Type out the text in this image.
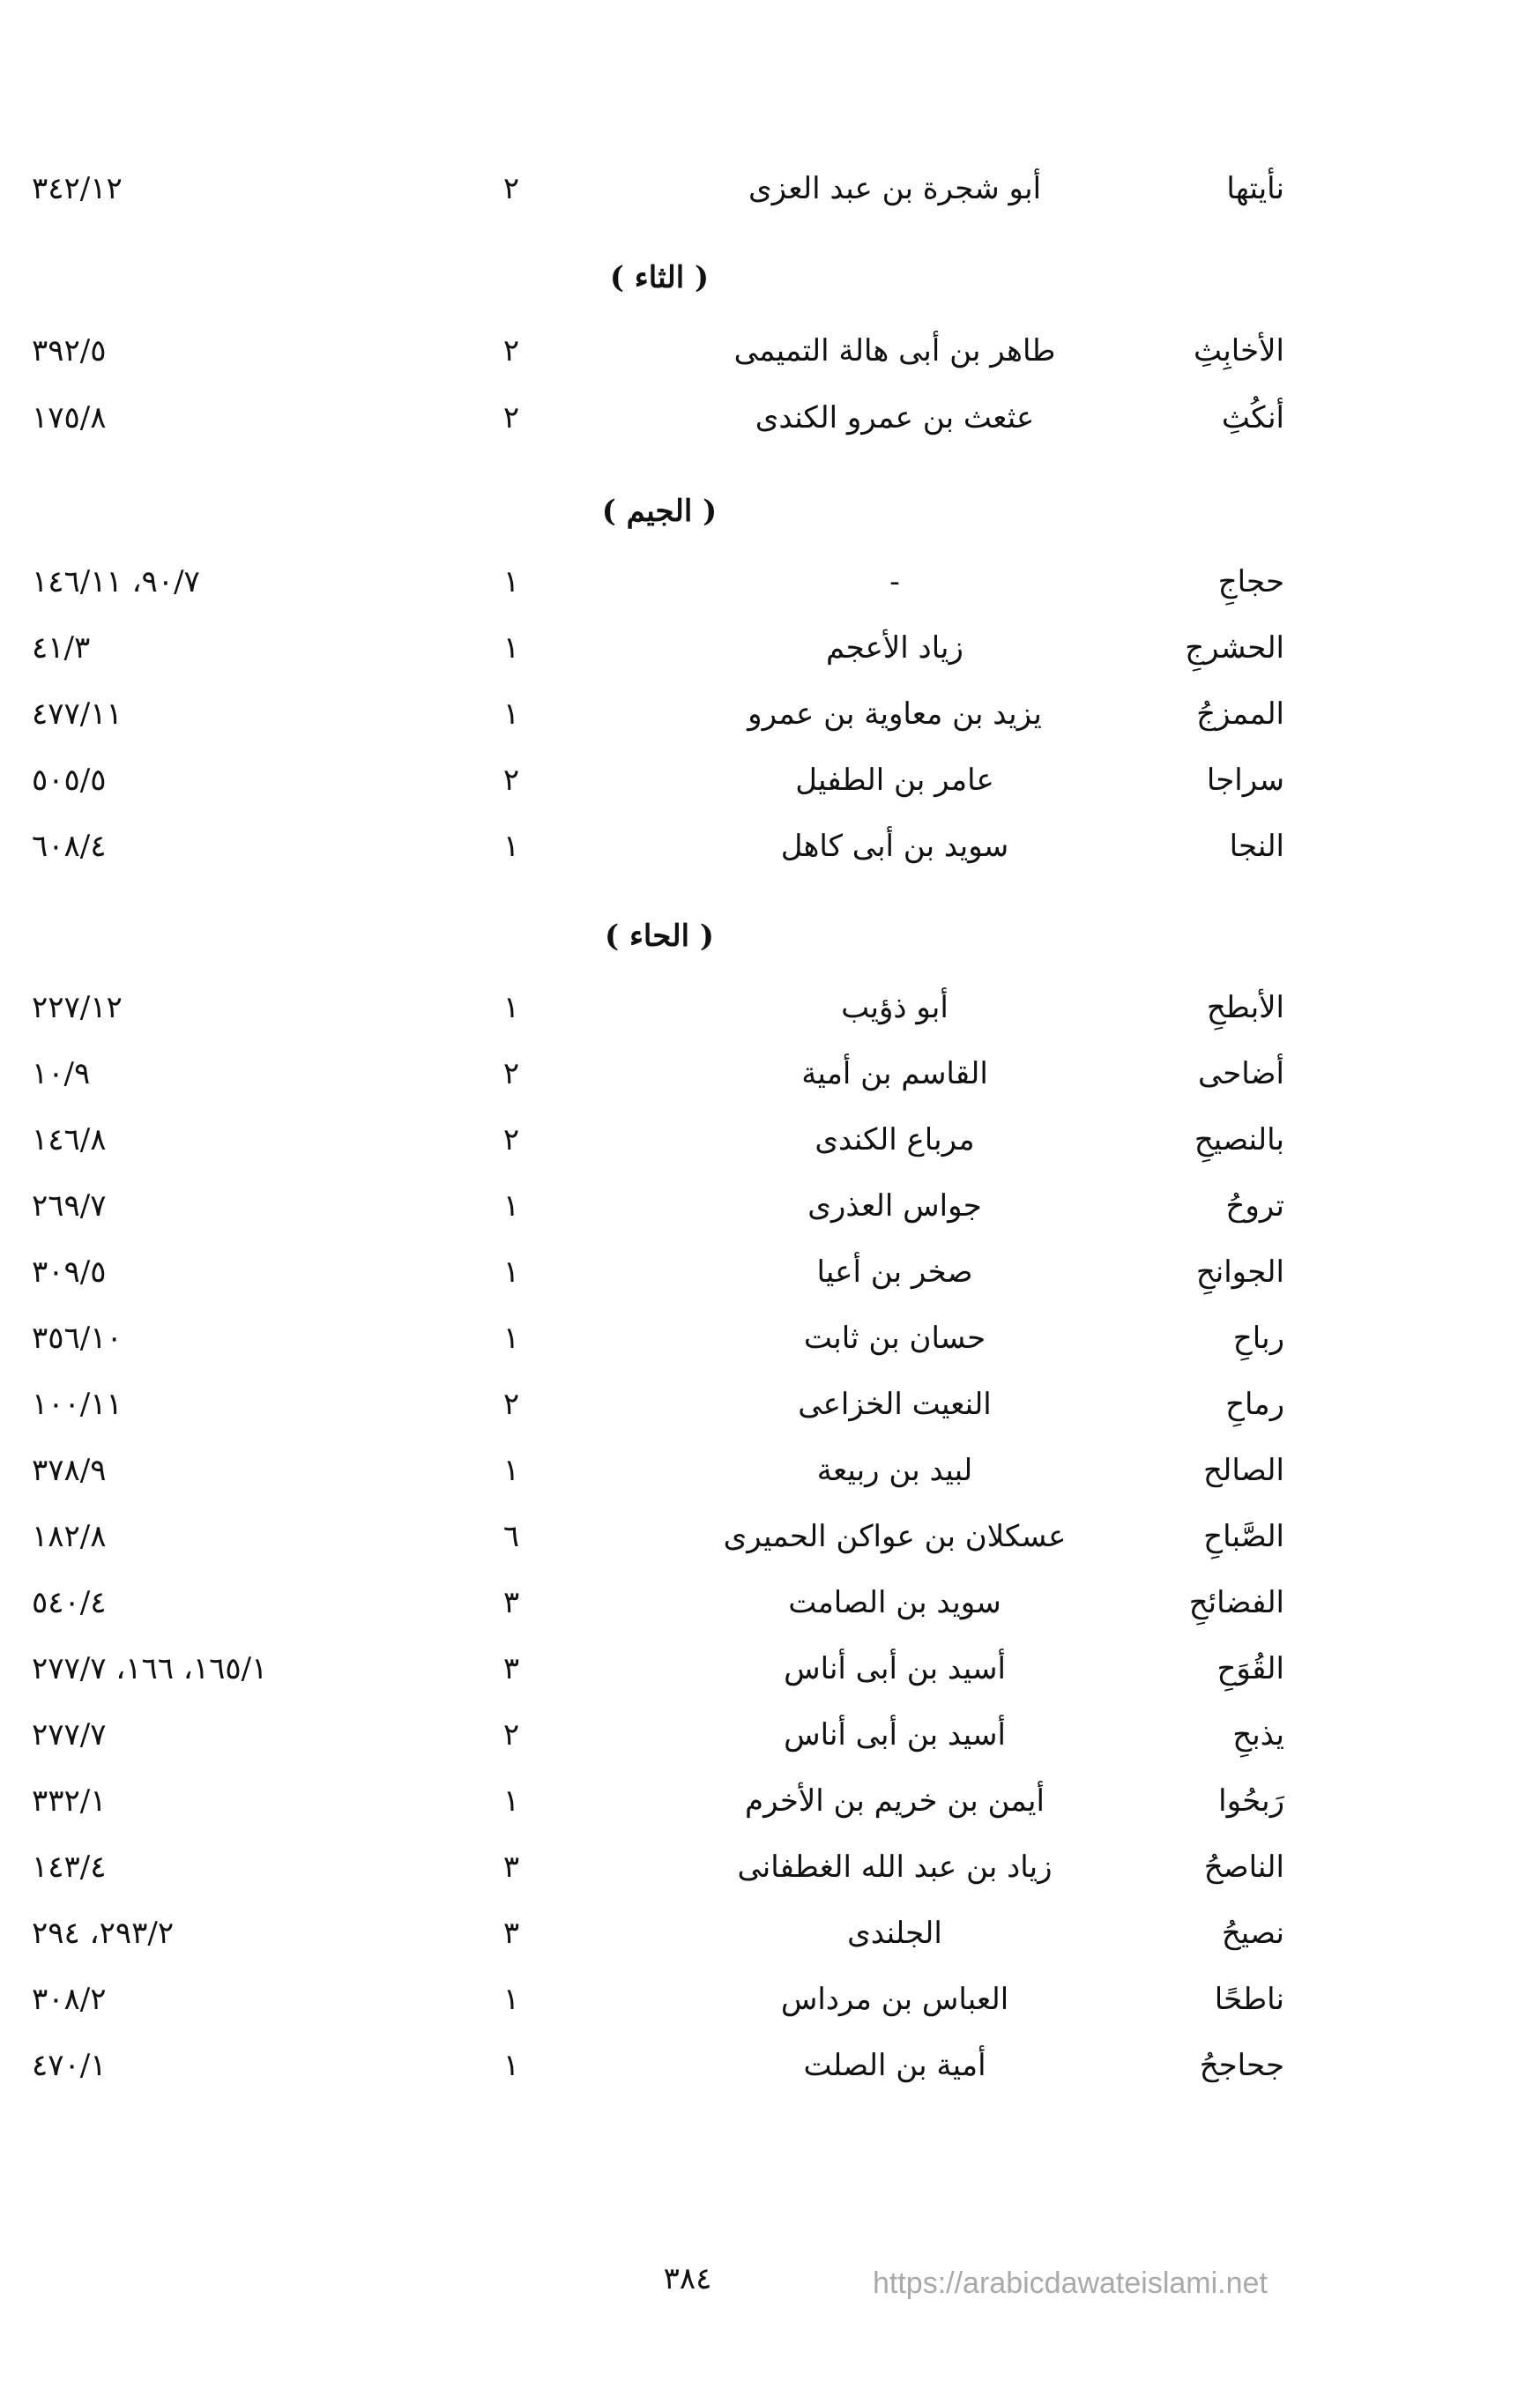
نأيتها
أبو شجرة بن عبد العزى
٢
٣٤٢/١٢
( الثاء )
الأخابِثِ
طاهر بن أبى هالة التميمى
٢
٣٩٢/٥
أنكُثِ
عثعث بن عمرو الكندى
٢
١٧٥/٨
( الجيم )
حجاجِ
-
١
٩٠/٧، ١٤٦/١١
الحشرجِ
زياد الأعجم
١
٤١/٣
الممزجُ
يزيد بن معاوية بن عمرو
١
٤٧٧/١١
سراجا
عامر بن الطفيل
٢
٥٠٥/٥
النجا
سويد بن أبى كاهل
١
٦٠٨/٤
( الحاء )
الأبطحِ
أبو ذؤيب
١
٢٢٧/١٢
أضاحى
القاسم بن أمية
٢
١٠/٩
بالنصيحِ
مرباع الكندى
٢
١٤٦/٨
تروحُ
جواس العذرى
١
٢٦٩/٧
الجوانحِ
صخر بن أعيا
١
٣٠٩/٥
رباحِ
حسان بن ثابت
١
٣٥٦/١٠
رماحِ
النعيت الخزاعى
٢
١٠٠/١١
الصالح
لبيد بن ربيعة
١
٣٧٨/٩
الصَّباحِ
عسكلان بن عواكن الحميرى
٦
١٨٢/٨
الفضائحِ
سويد بن الصامت
٣
٥٤٠/٤
القُوَحِ
أسيد بن أبى أناس
٣
١٦٥/١، ١٦٦، ٢٧٧/٧
يذبحِ
أسيد بن أبى أناس
٢
٢٧٧/٧
رَبحُوا
أيمن بن خريم بن الأخرم
١
٣٣٢/١
الناصحُ
زياد بن عبد الله الغطفانى
٣
١٤٣/٤
نصيحُ
الجلندى
٣
٢٩٣/٢، ٢٩٤
ناطحًا
العباس بن مرداس
١
٣٠٨/٢
جحاجحُ
أمية بن الصلت
١
٤٧٠/١
٣٨٤	https://arabicdawateislami.net
